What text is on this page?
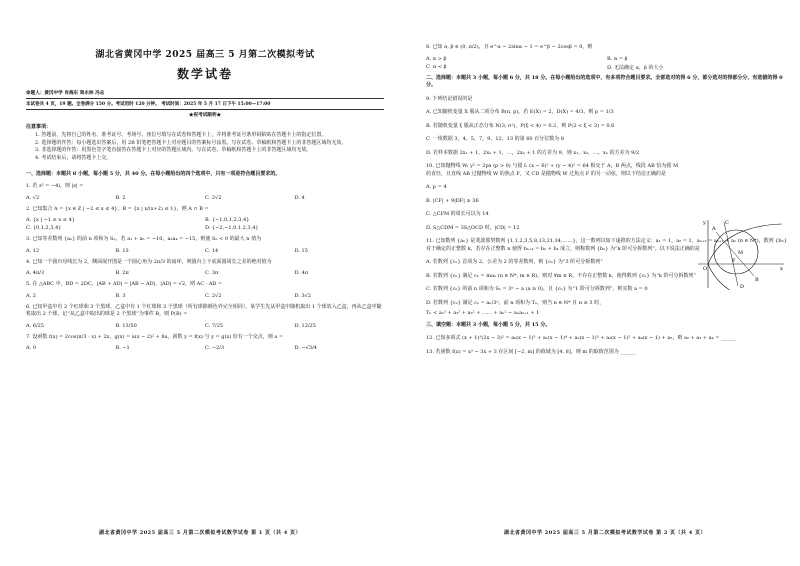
湖北省黄冈中学 2025 届高三 5 月第二次模拟考试
数学试卷
命题人：黄冈中学 肖海东 周永林 冯志
本试卷共 4 页，19 题。全卷满分 150 分。考试用时 120 分钟。 考试时间：2025 年 5 月 17 日下午 15:00—17:00
★祝考试顺利★
注意事项：
1. 答题前，先将自己的姓名、准考证号、考场号、座位号填写在试卷和答题卡上，并将准考证号条形码粘贴在答题卡上的指定位置。
2. 选择题的作答：每小题选出答案后，用 2B 铅笔把答题卡上对应题目的答案标号涂黑。写在试卷、草稿纸和答题卡上的非答题区域均无效。
3. 非选择题的作答：用黑色签字笔直接答在答题卡上对应的答题区域内。写在试卷、草稿纸和答题卡上的非答题区域均无效。
4. 考试结束后，请将答题卡上交。
一、选择题：本题共 8 小题，每小题 5 分，共 40 分。在每小题给出的四个选项中，只有一项是符合题目要求的。
1. 若 z² = −4i，则 |z| =
A. √2	B. 2	C. 2√2	D. 4
2. 已知集合 A = {x ∈ Z | −2 ≤ x ≤ 4}，B = {x | x/(x+2) ≤ 1}，则 A ∩ B =
A. {x | −1 ≤ x ≤ 4}	B. {−1,0,1,2,3,4}
C. {0,1,2,3,4}	D. {−2,−1,0,1,2,3,4}
3. 已知等差数列 {aₙ} 的前 n 项和为 Sₙ，若 a₁ + a₅ = −10，a₂a₄ = −15，则使 Sₙ < 0 的最大 n 值为
A. 12	B. 13	C. 14	D. 15
4. 已知一个圆台母线长为 2，侧面展开图是一个圆心角为 2π/3 的扇环，则圆台上下底面圆周长之差的绝对值为
A. 4π/3	B. 2π	C. 3π	D. 4π
5. 在 △ABC 中，BD = 2DC，|AB + AD| = |AB − AD|，|AD| = √2，则 AC · AD =
A. 2	B. 3	C. 2√2	D. 3√2
6. 已知甲盒中有 2 个红球和 3 个黑球，乙盒中有 1 个红球和 3 个黑球（所有球除颜色外完全相同），某学生先从甲盒中随机取出 1 个球放入乙盒，再从乙盒中随机取出 2 个球，记“从乙盒中取出的球是 2 个黑球”为事件 B，则 P(B) =
A. 6/25	B. 13/50	C. 7/25	D. 12/25
7. 设函数 f(x) = 2cos(π/3 · x) + 2x，g(x) = a(x − 2)² + 8a，函数 y = f(x) 与 y = g(x) 恰有一个交点，则 a =
A. 0	B. −1	C. −2/3	D. −√3/4
湖北省黄冈中学 2025 届高三 5 月第二次模拟考试数学试卷 第 1 页（共 4 页）
8. 已知 α, β ∈ (0, π/2)，且 e^α − 2sinα − 1 = e^β − 2cosβ = 0，则
A. α > β	B. α = β
C. α < β	D. 无法确定 α，β 的大小
二、选择题：本题共 3 小题，每小题 6 分，共 18 分。在每小题给出的选项中，有多项符合题目要求。全部选对的得 6 分，部分选对的得部分分，有选错的得 0 分。
9. 下列结论错误的是
A. 已知随机变量 X 服从二项分布 B(n, p)，若 E(X) = 2，D(X) = 4/3，则 p = 1/3
B. 若随机变量 ξ 服从正态分布 N(3, σ²)，P(ξ < 4) = 0.2，则 P(2 < ξ < 3) = 0.6
C. 一组数据 3，4，5，7，9，12，13 的第 60 百分位数为 8
D. 若样本数据 2x₁ + 1，2x₂ + 1，…，2xₙ + 1 的方差为 9，则 x₁，x₂，…，xₙ 的方差为 9/2
10. 已知抛物线 W: y² = 2px (p > 0) 与圆 I: (x − 6)² + (y − 4)² = 64 相交于 A，B 两点，线段 AB 恰为圆 M 的直径，且直线 AB 过抛物线 W 的焦点 F，又 CD 是抛物线 W 过焦点 F 的另一动弦，则以下结论正确的是
A. p = 4
B. |CF| + 9|DF| ≥ 36
C. △CFM 的周长可以为 14
D. S△CDM = 3S△OCD 时，|CD| = 12
y
x
O
A
B
M
F
C
D
11. 已知数列 {aₙ} 是斐波那契数列 {1,1,2,3,5,8,13,21,34,……}，这一数列以如下递推的方法定义：a₁ = 1，a₂ = 1，aₙ₊₂ = aₙ₊₁ + aₙ (n ∈ N*)，数列 {bₙ} 对于确定的正整数 k，若存在正整数 n 使得 bₙ₊ₖ = bₙ + bₖ 成立，则称数列 {bₙ} 为“k 阶可分拆数列”。以下说法正确的是
A. 若数列 {cₙ} 首项为 2，公差为 2 的等差数列，则 {cₙ} 为“3 阶可分拆数列”
B. 若数列 {cₙ} 满足 cₙ = maₙ (n ∈ N*, m ∈ R)，则对 ∀m ∈ R，不存在正整数 k，使得数列 {cₙ} 为“k 阶可分拆数列”
C. 若数列 {cₙ} 的前 n 项和为 Sₙ = 3ⁿ − a (a ≥ 0)，且 {cₙ} 为“1 阶可分拆数列”，则实数 a = 0
D. 若数列 {cₙ} 满足 cₙ = aₙ/3ⁿ，前 n 项和为 Tₙ，则当 n ∈ N* 且 n ≥ 3 时，
Tₙ < a₁² + a₂² + a₃² + …… + aₙ² − aₙaₙ₊₁ + 1
三、填空题：本题共 3 小题，每小题 5 分，共 15 分。
12. 已知多项式 (x + 1)³(2x − 3)² = a₀(x − 1)⁵ + a₁(x − 1)⁴ + a₂(x − 1)³ + a₃(x − 1)² + a₄(x − 1) + a₅，则 a₂ + a₃ + a₄ = ______
13. 若函数 f(x) = x³ − 3x + 3 在区间 [−2, m] 的值域为 [4, 8]，则 m 的取值范围为 ______
湖北省黄冈中学 2025 届高三 5 月第二次模拟考试数学试卷 第 2 页（共 4 页）
